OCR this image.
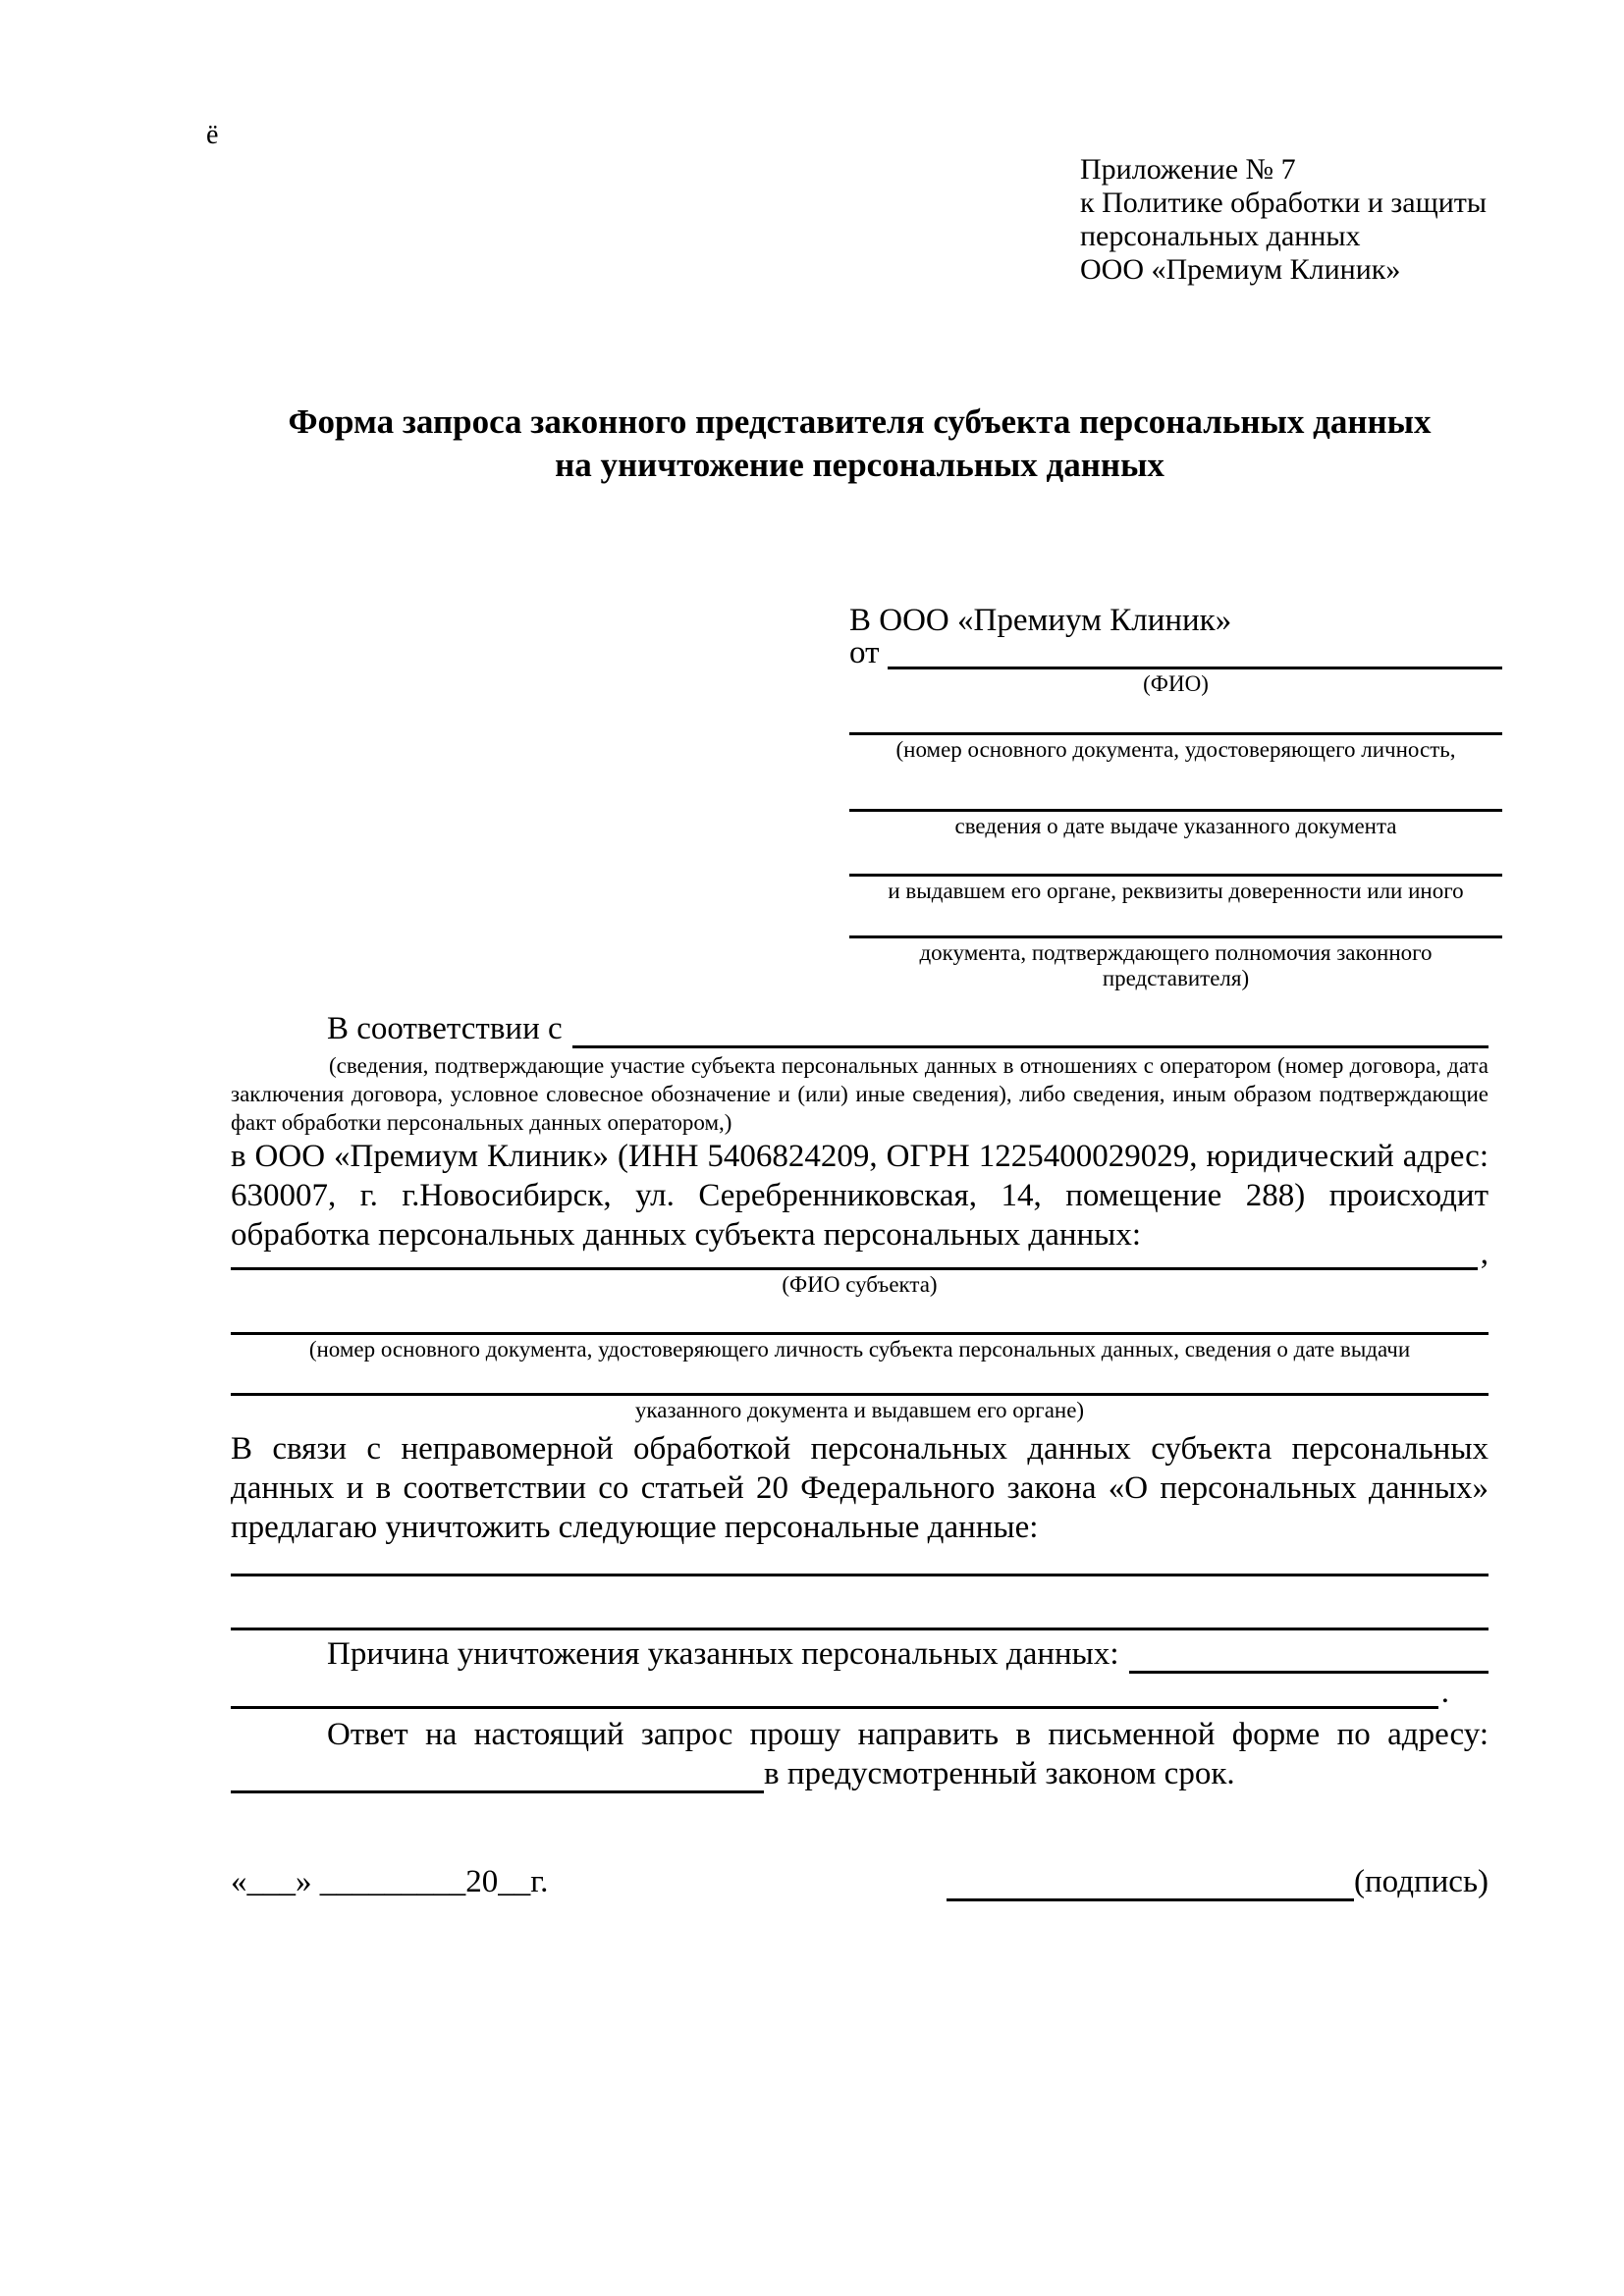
ё
Приложение № 7
к Политике обработки и защиты
персональных данных
ООО «Премиум Клиник»
Форма запроса законного представителя субъекта персональных данных
на уничтожение персональных данных
В ООО «Премиум Клиник»
от
(ФИО)
(номер основного документа, удостоверяющего личность,
сведения о дате выдаче указанного документа
и выдавшем его органе, реквизиты доверенности или иного
документа, подтверждающего полномочия законного представителя)
В соответствии с
(сведения, подтверждающие участие субъекта персональных данных в отношениях с оператором (номер договора, дата заключения договора, условное словесное обозначение и (или) иные сведения), либо сведения, иным образом подтверждающие факт обработки персональных данных оператором,)
в ООО «Премиум Клиник» (ИНН 5406824209, ОГРН 1225400029029, юридический адрес: 630007, г. г.Новосибирск, ул. Серебренниковская, 14, помещение 288) происходит обработка персональных данных субъекта персональных данных:
,
(ФИО субъекта)
(номер основного документа, удостоверяющего личность субъекта персональных данных, сведения о дате выдачи
указанного документа и выдавшем его органе)
В связи с неправомерной обработкой персональных данных субъекта персональных данных и в соответствии со статьей 20 Федерального закона «О персональных данных» предлагаю уничтожить следующие персональные данные:
Причина уничтожения указанных персональных данных:
.
Ответ на настоящий запрос прошу направить в письменной форме по адресу:
в предусмотренный законом срок.
«___» _________20__г.	(подпись)
